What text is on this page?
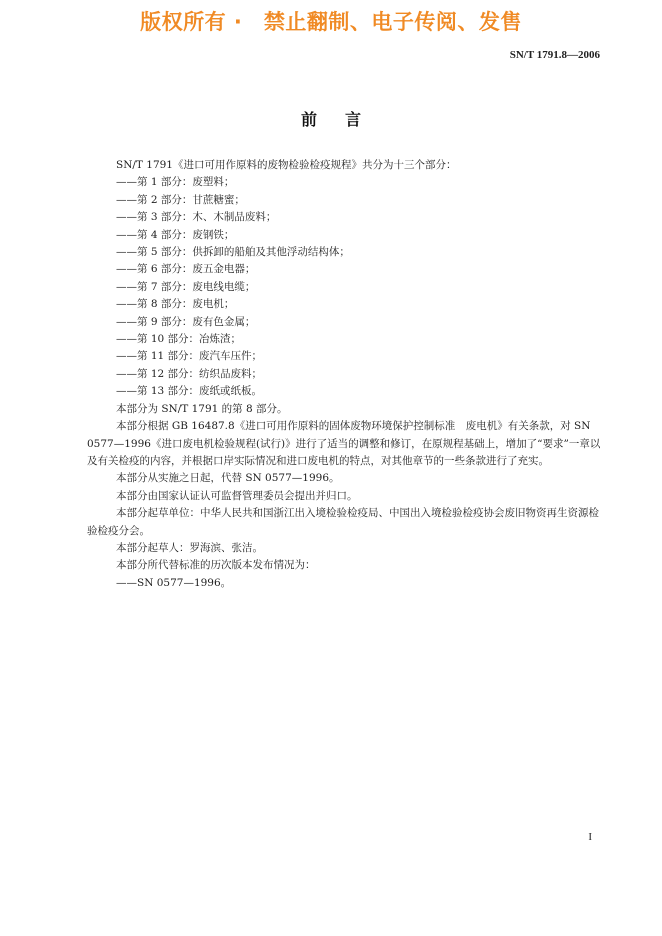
版权所有 ·　禁止翻制、电子传阅、发售
SN/T 1791.8—2006
前言

SN/T 1791《进口可用作原料的废物检验检疫规程》共分为十三个部分：

——第 1 部分：废塑料；

——第 2 部分：甘蔗糖蜜；

——第 3 部分：木、木制品废料；

——第 4 部分：废钢铁；

——第 5 部分：供拆卸的船舶及其他浮动结构体；

——第 6 部分：废五金电器；

——第 7 部分：废电线电缆；

——第 8 部分：废电机；

——第 9 部分：废有色金属；

——第 10 部分：冶炼渣；

——第 11 部分：废汽车压件；

——第 12 部分：纺织品废料；

——第 13 部分：废纸或纸板。

本部分为 SN/T 1791 的第 8 部分。

本部分根据 GB 16487.8《进口可用作原料的固体废物环境保护控制标准　废电机》有关条款，对 SN 0577—1996《进口废电机检验规程(试行)》进行了适当的调整和修订，在原规程基础上，增加了“要求”一章以及有关检疫的内容，并根据口岸实际情况和进口废电机的特点，对其他章节的一些条款进行了充实。

本部分从实施之日起，代替 SN 0577—1996。

本部分由国家认证认可监督管理委员会提出并归口。

本部分起草单位：中华人民共和国浙江出入境检验检疫局、中国出入境检验检疫协会废旧物资再生资源检验检疫分会。

本部分起草人：罗海滨、张洁。

本部分所代替标准的历次版本发布情况为：

——SN 0577—1996。

I
